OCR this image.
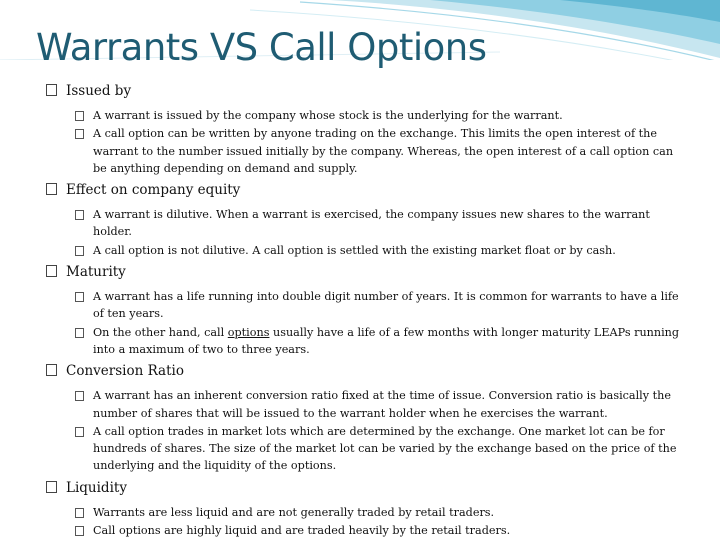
Warrants VS Call Options
Issued by
A warrant is issued by the company whose stock is the underlying for the warrant.
A call option can be written by anyone trading on the exchange. This limits the open interest of the warrant to the number issued initially by the company. Whereas, the open interest of a call option can be anything depending on demand and supply.
Effect on company equity
A warrant is dilutive. When a warrant is exercised, the company issues new shares to the warrant holder.
A call option is not dilutive. A call option is settled with the existing market float or by cash.
Maturity
A warrant has a life running into double digit number of years. It is common for warrants to have a life of ten years.
On the other hand, call options usually have a life of a few months with longer maturity LEAPs running into a maximum of two to three years.
Conversion Ratio
A warrant has an inherent conversion ratio fixed at the time of issue. Conversion ratio is basically the number of shares that will be issued to the warrant holder when he exercises the warrant.
A call option trades in market lots which are determined by the exchange. One market lot can be for hundreds of shares. The size of the market lot can be varied by the exchange based on the price of the underlying and the liquidity of the options.
Liquidity
Warrants are less liquid and are not generally traded by retail traders.
Call options are highly liquid and are traded heavily by the retail traders.
